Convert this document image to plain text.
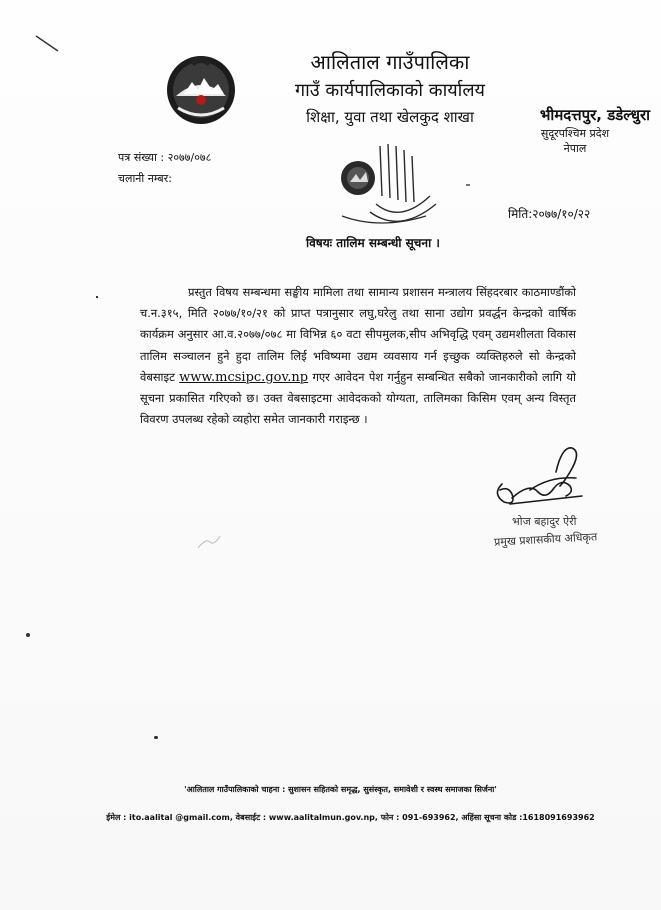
आलिताल गाउँपालिका
गाउँ कार्यपालिकाको कार्यालय
शिक्षा, युवा तथा खेलकुद शाखा	भीमदत्तपुर, डडेल्धुरा
सुदूरपश्चिम प्रदेश
नेपाल
पत्र संख्या : २०७७/०७८
चलानी नम्बर:
मिति:२०७७/१०/२२
विषयः तालिम सम्बन्धी सूचना ।
प्रस्तुत विषय सम्बन्धमा सङ्घीय मामिला तथा सामान्य प्रशासन मन्त्रालय सिंहदरबार काठमाण्डौंको च.न.३१५, मिति २०७७/१०/२१ को प्राप्त पत्रानुसार लघु,घरेलु तथा साना उद्योग प्रवर्द्धन केन्द्रको वार्षिक कार्यक्रम अनुसार आ.व.२०७७/०७८ मा विभिन्न ६० वटा सीपमुलक,सीप अभिवृद्धि एवम् उद्यमशीलता विकास तालिम सञ्चालन हुने हुदा तालिम लिई भविष्यमा उद्यम व्यवसाय गर्न इच्छुक व्यक्तिहरुले सो केन्द्रको वेबसाइट www.mcsipc.gov.np गएर आवेदन पेश गर्नुहुन सम्बन्धित सबैको जानकारीको लागि यो सूचना प्रकासित गरिएको छ। उक्त वेबसाइटमा आवेदकको योग्यता, तालिमका किसिम एवम् अन्य विस्तृत विवरण उपलब्ध रहेको व्यहोरा समेत जानकारी गराइन्छ ।
भोज बहादुर ऐरी
प्रमुख प्रशासकीय अधिकृत
'आलिताल गाउँपालिकाको चाहना : सुशासन सहितको समृद्ध, सुसंस्कृत, समावेशी र स्वस्थ समाजका सिर्जना'
ईमेल : ito.aalital @gmail.com, वेबसाईट : www.aalitalmun.gov.np, फोन : 091-693962, अहिंसा सूचना कोड :1618091693962
